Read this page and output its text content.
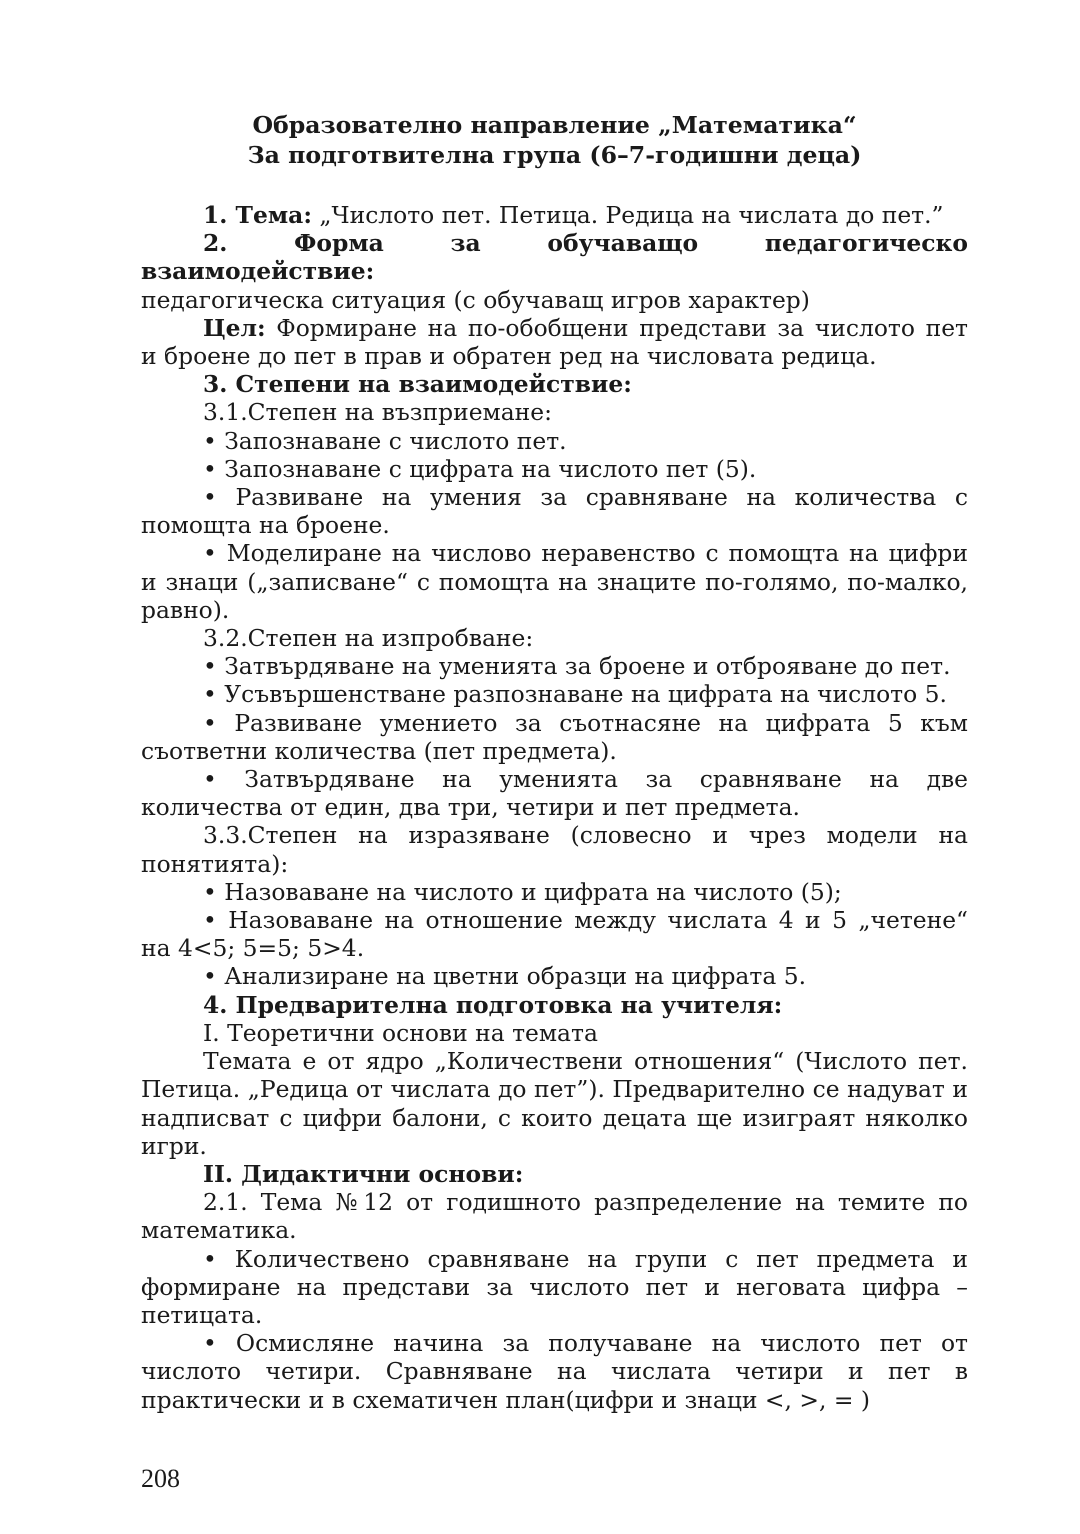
Образователно направление „Математика“
За подготвителна група (6–7-годишни деца)

1. Тема: „Числото пет. Петица. Редица на числата до пет.”

2. Форма за обучаващо педагогическо взаимодействие:

педагогическа ситуация (с обучаващ игров характер)

Цел: Формиране на по-обобщени представи за числото пет и броене до пет в прав и обратен ред на числовата редица.

3. Степени на взаимодействие:

3.1.Степен на възприемане:

• Запознаване с числото пет.

• Запознаване с цифрата на числото пет (5).

• Развиване на умения за сравняване на количества с помощта на броене.

• Моделиране на числово неравенство с помощта на цифри и знаци („записване“ с помощта на знаците по-голямо, по-малко, равно).

3.2.Степен на изпробване:

• Затвърдяване на уменията за броене и отброяване до пет.

• Усъвършенстване разпознаване на цифрата на числото 5.

• Развиване умението за съотнасяне на цифрата 5 към съответни количества (пет предмета).

• Затвърдяване на уменията за сравняване на две количества от един, два три, четири и пет предмета.

3.3.Степен на изразяване (словесно и чрез модели на понятията):

• Назоваване на числото и цифрата на числото (5);

• Назоваване на отношение между числата 4 и 5 „четене“ на 4<5; 5=5; 5>4.

• Анализиране на цветни образци на цифрата 5.

4. Предварителна подготовка на учителя:

I. Теоретични основи на темата

Темата е от ядро „Количествени отношения“ (Числото пет. Петица. „Редица от числата до пет”). Предварително се надуват и надписват с цифри балони, с които децата ще изиграят няколко игри.

II. Дидактични основи:

2.1. Тема №12 от годишното разпределение на темите по математика.

• Количествено сравняване на групи с пет предмета и формиране на представи за числото пет и неговата цифра – петицата.

• Осмисляне начина за получаване на числото пет от числото четири. Сравняване на числата четири и пет в практически и в схематичен план(цифри и знаци <, >, = )

208
